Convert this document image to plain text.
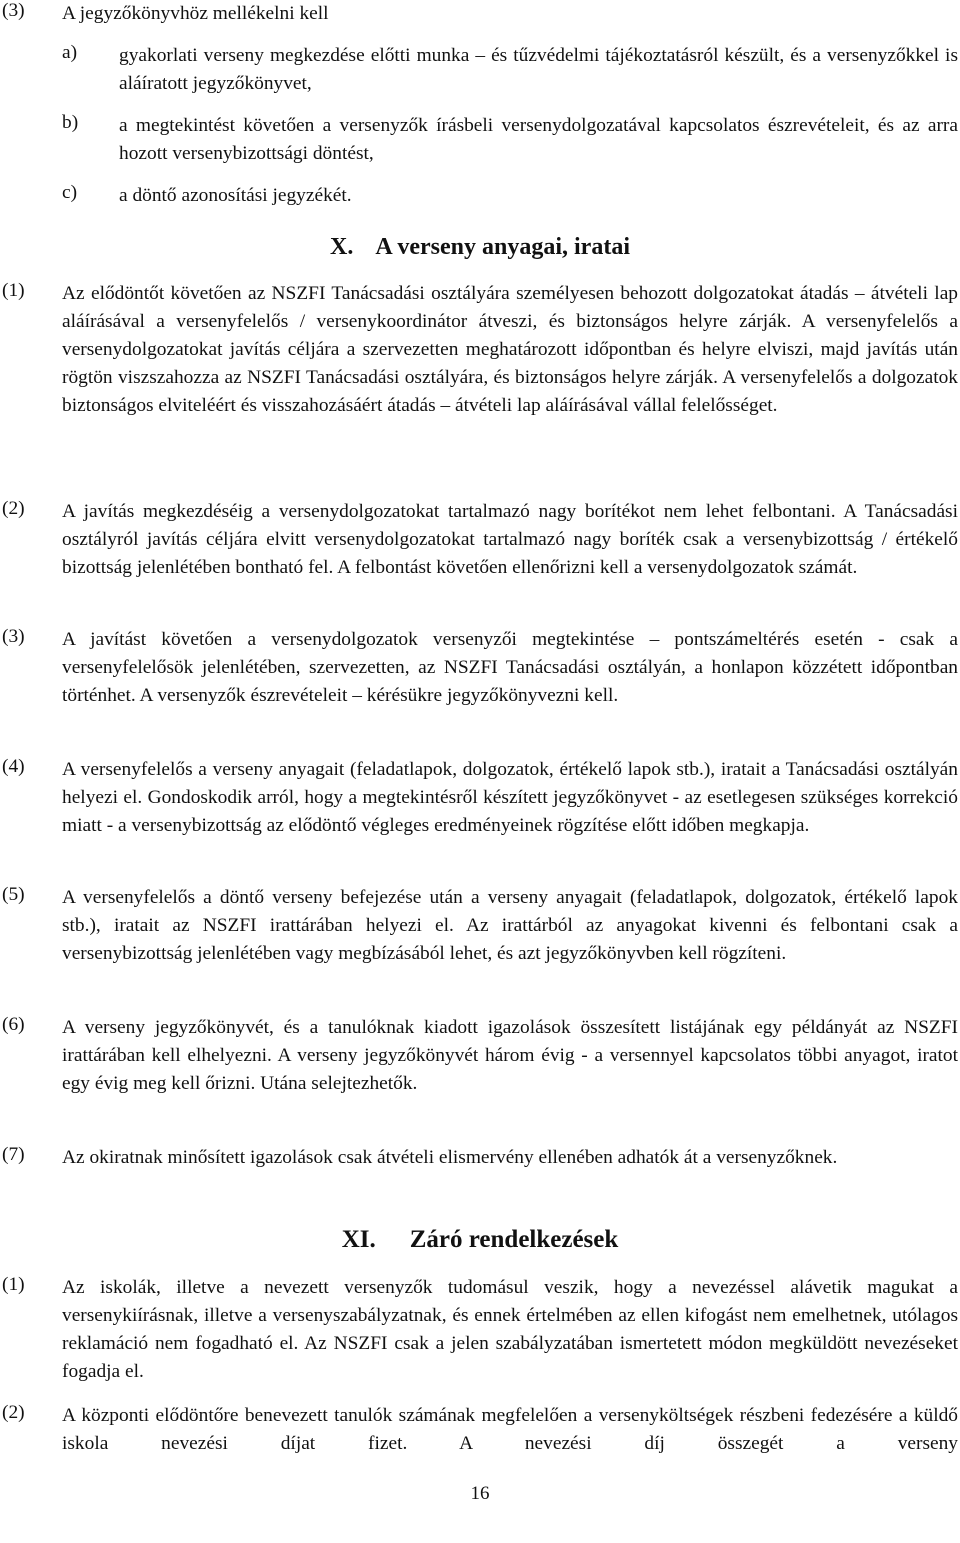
(3) A jegyzőkönyvhöz mellékelni kell
a) gyakorlati verseny megkezdése előtti munka – és tűzvédelmi tájékoztatásról készült, és a versenyzőkkel is aláíratott jegyzőkönyvet,
b) a megtekintést követően a versenyzők írásbeli versenydolgozatával kapcsolatos észrevételeit, és az arra hozott versenybizottsági döntést,
c) a döntő azonosítási jegyzékét.
X. A verseny anyagai, iratai
(1) Az elődöntőt követően az NSZFI Tanácsadási osztályára személyesen behozott dolgozatokat átadás – átvételi lap aláírásával a versenyfelelős / versenykoordinátor átveszi, és biztonságos helyre zárják. A versenyfelelős a versenydolgozatokat javítás céljára a szervezetten meghatározott időpontban és helyre elviszi, majd javítás után rögtön viszszahozza az NSZFI Tanácsadási osztályára, és biztonságos helyre zárják. A versenyfelelős a dolgozatok biztonságos elviteléért és visszahozásáért átadás – átvételi lap aláírásával vállal felelősséget.
(2) A javítás megkezdéséig a versenydolgozatokat tartalmazó nagy borítékot nem lehet felbontani. A Tanácsadási osztályról javítás céljára elvitt versenydolgozatokat tartalmazó nagy boríték csak a versenybizottság / értékelő bizottság jelenlétében bontható fel. A felbontást követően ellenőrizni kell a versenydolgozatok számát.
(3) A javítást követően a versenydolgozatok versenyzői megtekintése – pontszámeltérés esetén - csak a versenyfelelősök jelenlétében, szervezetten, az NSZFI Tanácsadási osztályán, a honlapon közzétett időpontban történhet. A versenyzők észrevételeit – kérésükre jegyzőkönyvezni kell.
(4) A versenyfelelős a verseny anyagait (feladatlapok, dolgozatok, értékelő lapok stb.), iratait a Tanácsadási osztályán helyezi el. Gondoskodik arról, hogy a megtekintésről készített jegyzőkönyvet - az esetlegesen szükséges korrekció miatt - a versenybizottság az elődöntő végleges eredményeinek rögzítése előtt időben megkapja.
(5) A versenyfelelős a döntő verseny befejezése után a verseny anyagait (feladatlapok, dolgozatok, értékelő lapok stb.), iratait az NSZFI irattárában helyezi el. Az irattárból az anyagokat kivenni és felbontani csak a versenybizottság jelenlétében vagy megbízásából lehet, és azt jegyzőkönyvben kell rögzíteni.
(6) A verseny jegyzőkönyvét, és a tanulóknak kiadott igazolások összesített listájának egy példányát az NSZFI irattárában kell elhelyezni. A verseny jegyzőkönyvét három évig - a versennyel kapcsolatos többi anyagot, iratot egy évig meg kell őrizni. Utána selejtezhetők.
(7) Az okiratnak minősített igazolások csak átvételi elismervény ellenében adhatók át a versenyzőknek.
XI. Záró rendelkezések
(1) Az iskolák, illetve a nevezett versenyzők tudomásul veszik, hogy a nevezéssel alávetik magukat a versenykiírásnak, illetve a versenyszabályzatnak, és ennek értelmében az ellen kifogást nem emelhetnek, utólagos reklamáció nem fogadható el. Az NSZFI csak a jelen szabályzatában ismertetett módon megküldött nevezéseket fogadja el.
(2) A központi elődöntőre benevezett tanulók számának megfelelően a versenyköltségek részbeni fedezésére a küldő iskola nevezési díjat fizet. A nevezési díj összegét a verseny
16
